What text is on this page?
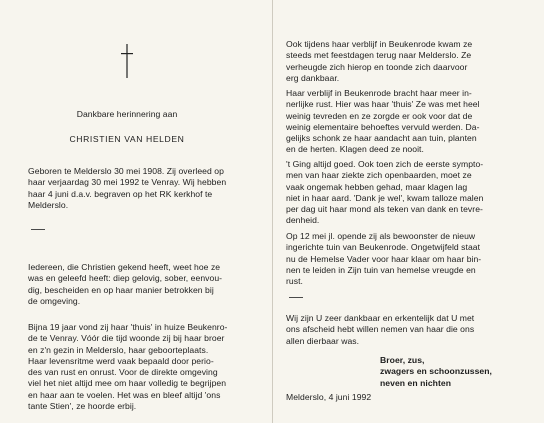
Dankbare herinnering aan

CHRISTIEN VAN HELDEN

Geboren te Melderslo 30 mei 1908. Zij overleed op
haar verjaardag 30 mei 1992 te Venray. Wij hebben
haar 4 juni d.a.v. begraven op het RK kerkhof te
Melderslo.

Iedereen, die Christien gekend heeft, weet hoe ze
was en geleefd heeft: diep gelovig, sober, eenvou-
dig, bescheiden en op haar manier betrokken bij
de omgeving.

Bijna 19 jaar vond zij haar 'thuis' in huize Beukenro-
de te Venray. Vóór die tijd woonde zij bij haar broer
en z'n gezin in Melderslo, haar geboorteplaats.
Haar levensritme werd vaak bepaald door perio-
des van rust en onrust. Voor de direkte omgeving
viel het niet altijd mee om haar volledig te begrijpen
en haar aan te voelen. Het was en bleef altijd 'ons
tante Stien', ze hoorde erbij.

Ook tijdens haar verblijf in Beukenrode kwam ze
steeds met feestdagen terug naar Melderslo. Ze
verheugde zich hierop en toonde zich daarvoor
erg dankbaar.

Haar verblijf in Beukenrode bracht haar meer in-
nerlijke rust. Hier was haar 'thuis' Ze was met heel
weinig tevreden en ze zorgde er ook voor dat de
weinig elementaire behoeftes vervuld werden. Da-
gelijks schonk ze haar aandacht aan tuin, planten
en de herten. Klagen deed ze nooit.

't Ging altijd goed. Ook toen zich de eerste sympto-
men van haar ziekte zich openbaarden, moet ze
vaak ongemak hebben gehad, maar klagen lag
niet in haar aard. 'Dank je wel', kwam talloze malen
per dag uit haar mond als teken van dank en tevre-
denheid.

Op 12 mei jl. opende zij als bewoonster de nieuw
ingerichte tuin van Beukenrode. Ongetwijfeld staat
nu de Hemelse Vader voor haar klaar om haar bin-
nen te leiden in Zijn tuin van hemelse vreugde en
rust.

Wij zijn U zeer dankbaar en erkentelijk dat U met
ons afscheid hebt willen nemen van haar die ons
allen dierbaar was.

Broer, zus,
zwagers en schoonzussen,
neven en nichten

Melderslo, 4 juni 1992
